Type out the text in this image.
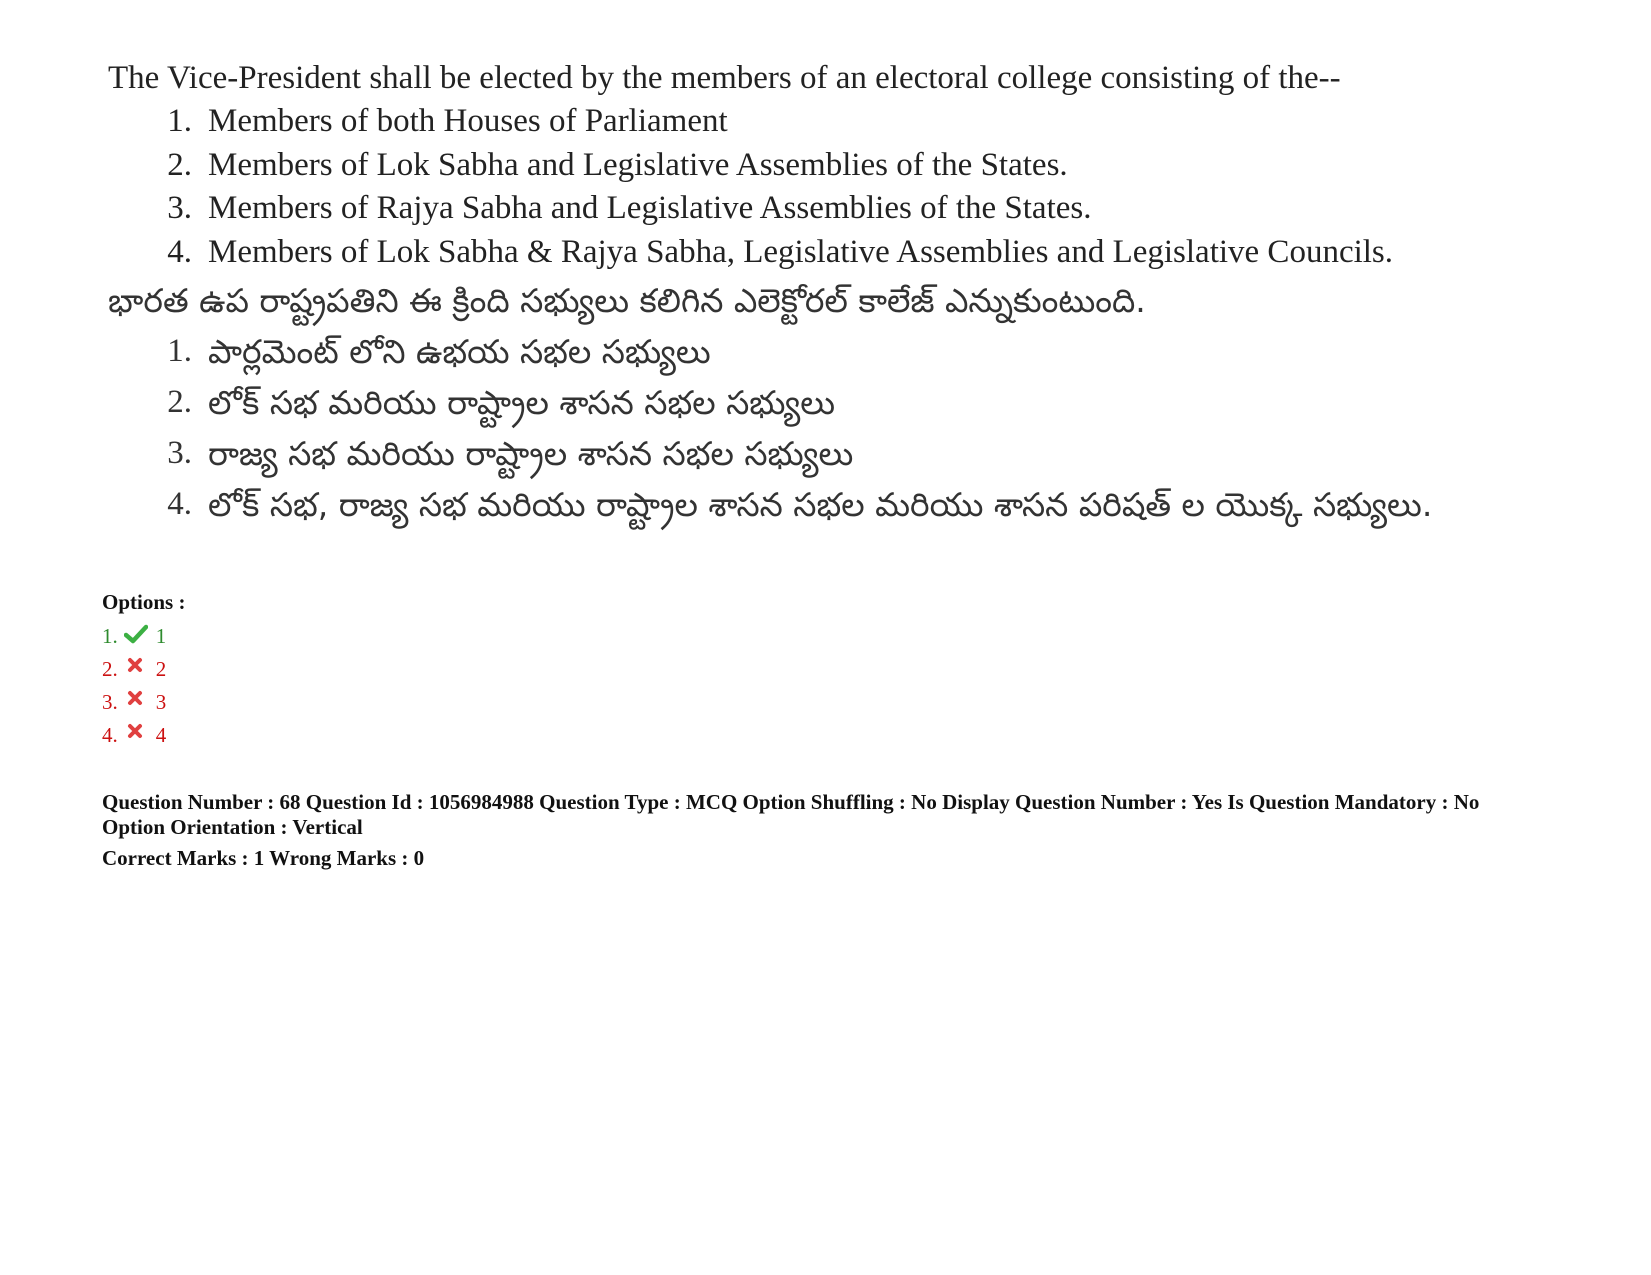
The Vice-President shall be elected by the members of an electoral college consisting of the--

1. Members of both Houses of Parliament
2. Members of Lok Sabha and Legislative Assemblies of the States.
3. Members of Rajya Sabha and Legislative Assemblies of the States.
4. Members of Lok Sabha & Rajya Sabha, Legislative Assemblies and Legislative Councils.

భారత ఉప రాష్ట్రపతిని ఈ క్రింది సభ్యులు కలిగిన ఎలెక్టోరల్ కాలేజ్ ఎన్నుకుంటుంది.

1. పార్లమెంట్ లోని ఉభయ సభల సభ్యులు
2. లోక్ సభ మరియు రాష్ట్రాల శాసన సభల సభ్యులు
3. రాజ్య సభ మరియు రాష్ట్రాల శాసన సభల సభ్యులు
4. లోక్ సభ, రాజ్య సభ మరియు రాష్ట్రాల శాసన సభల మరియు శాసన పరిషత్ ల యొక్క సభ్యులు.
Options :
1. 1
2. 2
3. 3
4. 4
Question Number : 68 Question Id : 1056984988 Question Type : MCQ Option Shuffling : No Display Question Number : Yes Is Question Mandatory : No
Option Orientation : Vertical
Correct Marks : 1 Wrong Marks : 0
